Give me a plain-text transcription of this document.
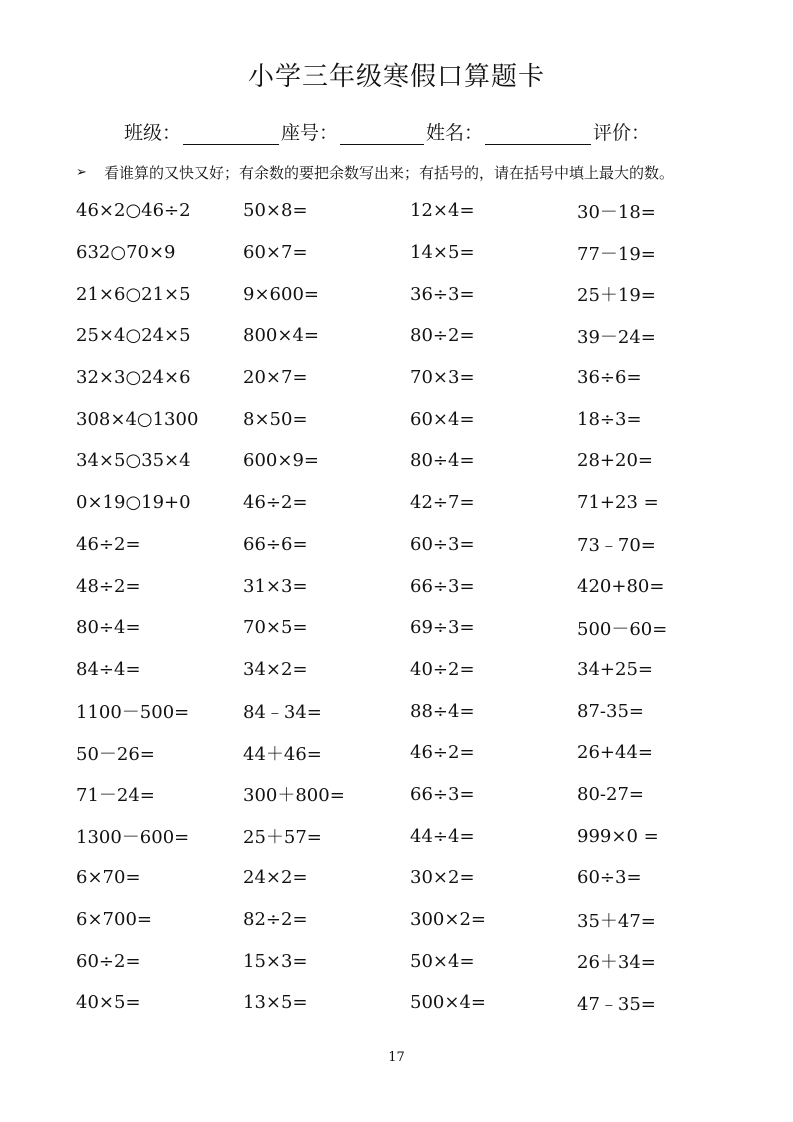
小学三年级寒假口算题卡
班级：	座号：	姓名：	评价：
➢	看谁算的又快又好；有余数的要把余数写出来；有括号的，请在括号中填上最大的数。
46×2○46÷2	50×8=	12×4=	30－18=
632○70×9	60×7=	14×5=	77－19=
21×6○21×5	9×600=	36÷3=	25＋19=
25×4○24×5	800×4=	80÷2=	39－24=
32×3○24×6	20×7=	70×3=	36÷6=
308×4○1300	8×50=	60×4=	18÷3=
34×5○35×4	600×9=	80÷4=	28+20=
0×19○19+0	46÷2=	42÷7=	71+23 =
46÷2=	66÷6=	60÷3=	73﹣70=
48÷2=	31×3=	66÷3=	420+80=
80÷4=	70×5=	69÷3=	500－60=
84÷4=	34×2=	40÷2=	34+25=
1100－500=	84﹣34=	88÷4=	87-35=
50－26=	44＋46=	46÷2=	26+44=
71－24=	300＋800=	66÷3=	80-27=
1300－600=	25＋57=	44÷4=	999×0 =
6×70=	24×2=	30×2=	60÷3=
6×700=	82÷2=	300×2=	35＋47=
60÷2=	15×3=	50×4=	26＋34=
40×5=	13×5=	500×4=	47﹣35=
17
